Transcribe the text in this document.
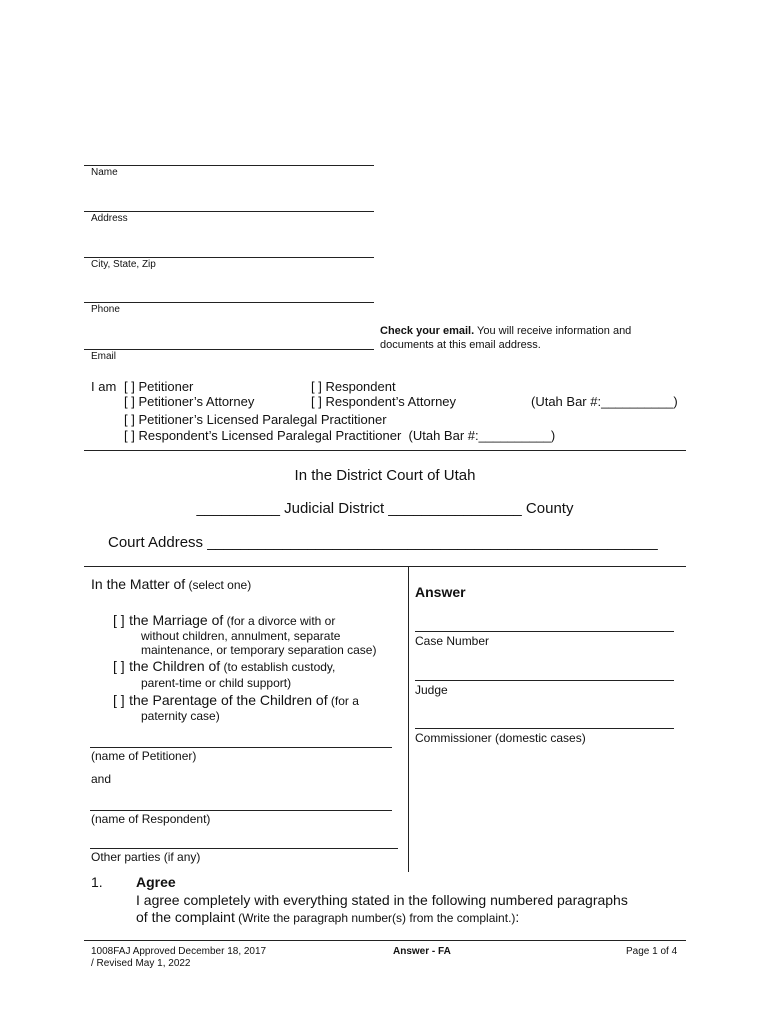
Name
Address
City, State, Zip
Phone
Email
Check your email. You will receive information and
documents at this email address.
I am [ ] Petitioner	[ ] Respondent
[ ] Petitioner’s Attorney	[ ] Respondent’s Attorney	(Utah Bar #:__________)
[ ] Petitioner’s Licensed Paralegal Practitioner
[ ] Respondent’s Licensed Paralegal Practitioner (Utah Bar #:__________)
In the District Court of Utah
__________ Judicial District ________________ County
Court Address ______________________________________________________
In the Matter of (select one)
[ ] the Marriage of (for a divorce with or
without children, annulment, separate
maintenance, or temporary separation case)
[ ] the Children of (to establish custody,
parent-time or child support)
[ ] the Parentage of the Children of (for a
paternity case)
(name of Petitioner)
and
(name of Respondent)
Other parties (if any)
Answer
Case Number
Judge
Commissioner (domestic cases)
1. Agree
I agree completely with everything stated in the following numbered paragraphs
of the complaint (Write the paragraph number(s) from the complaint.):
1008FAJ Approved December 18, 2017
/ Revised May 1, 2022
Answer - FA	Page 1 of 4
